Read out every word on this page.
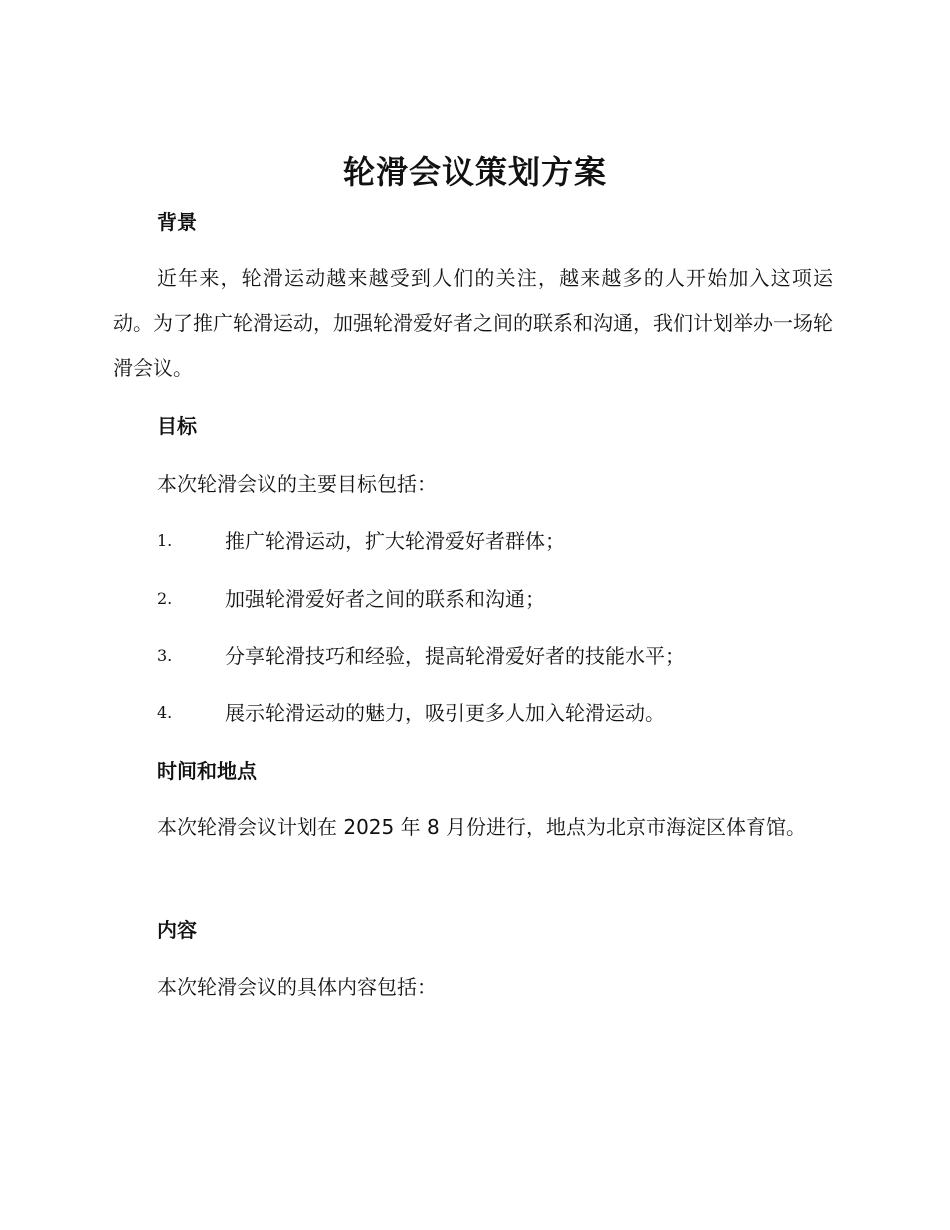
轮滑会议策划方案
背景

近年来，轮滑运动越来越受到人们的关注，越来越多的人开始加入这项运动。为了推广轮滑运动，加强轮滑爱好者之间的联系和沟通，我们计划举办一场轮滑会议。

目标

本次轮滑会议的主要目标包括：

1.	推广轮滑运动，扩大轮滑爱好者群体；
2.	加强轮滑爱好者之间的联系和沟通；
3.	分享轮滑技巧和经验，提高轮滑爱好者的技能水平；
4.	展示轮滑运动的魅力，吸引更多人加入轮滑运动。
时间和地点

本次轮滑会议计划在 2025 年 8 月份进行，地点为北京市海淀区体育馆。

内容

本次轮滑会议的具体内容包括：
